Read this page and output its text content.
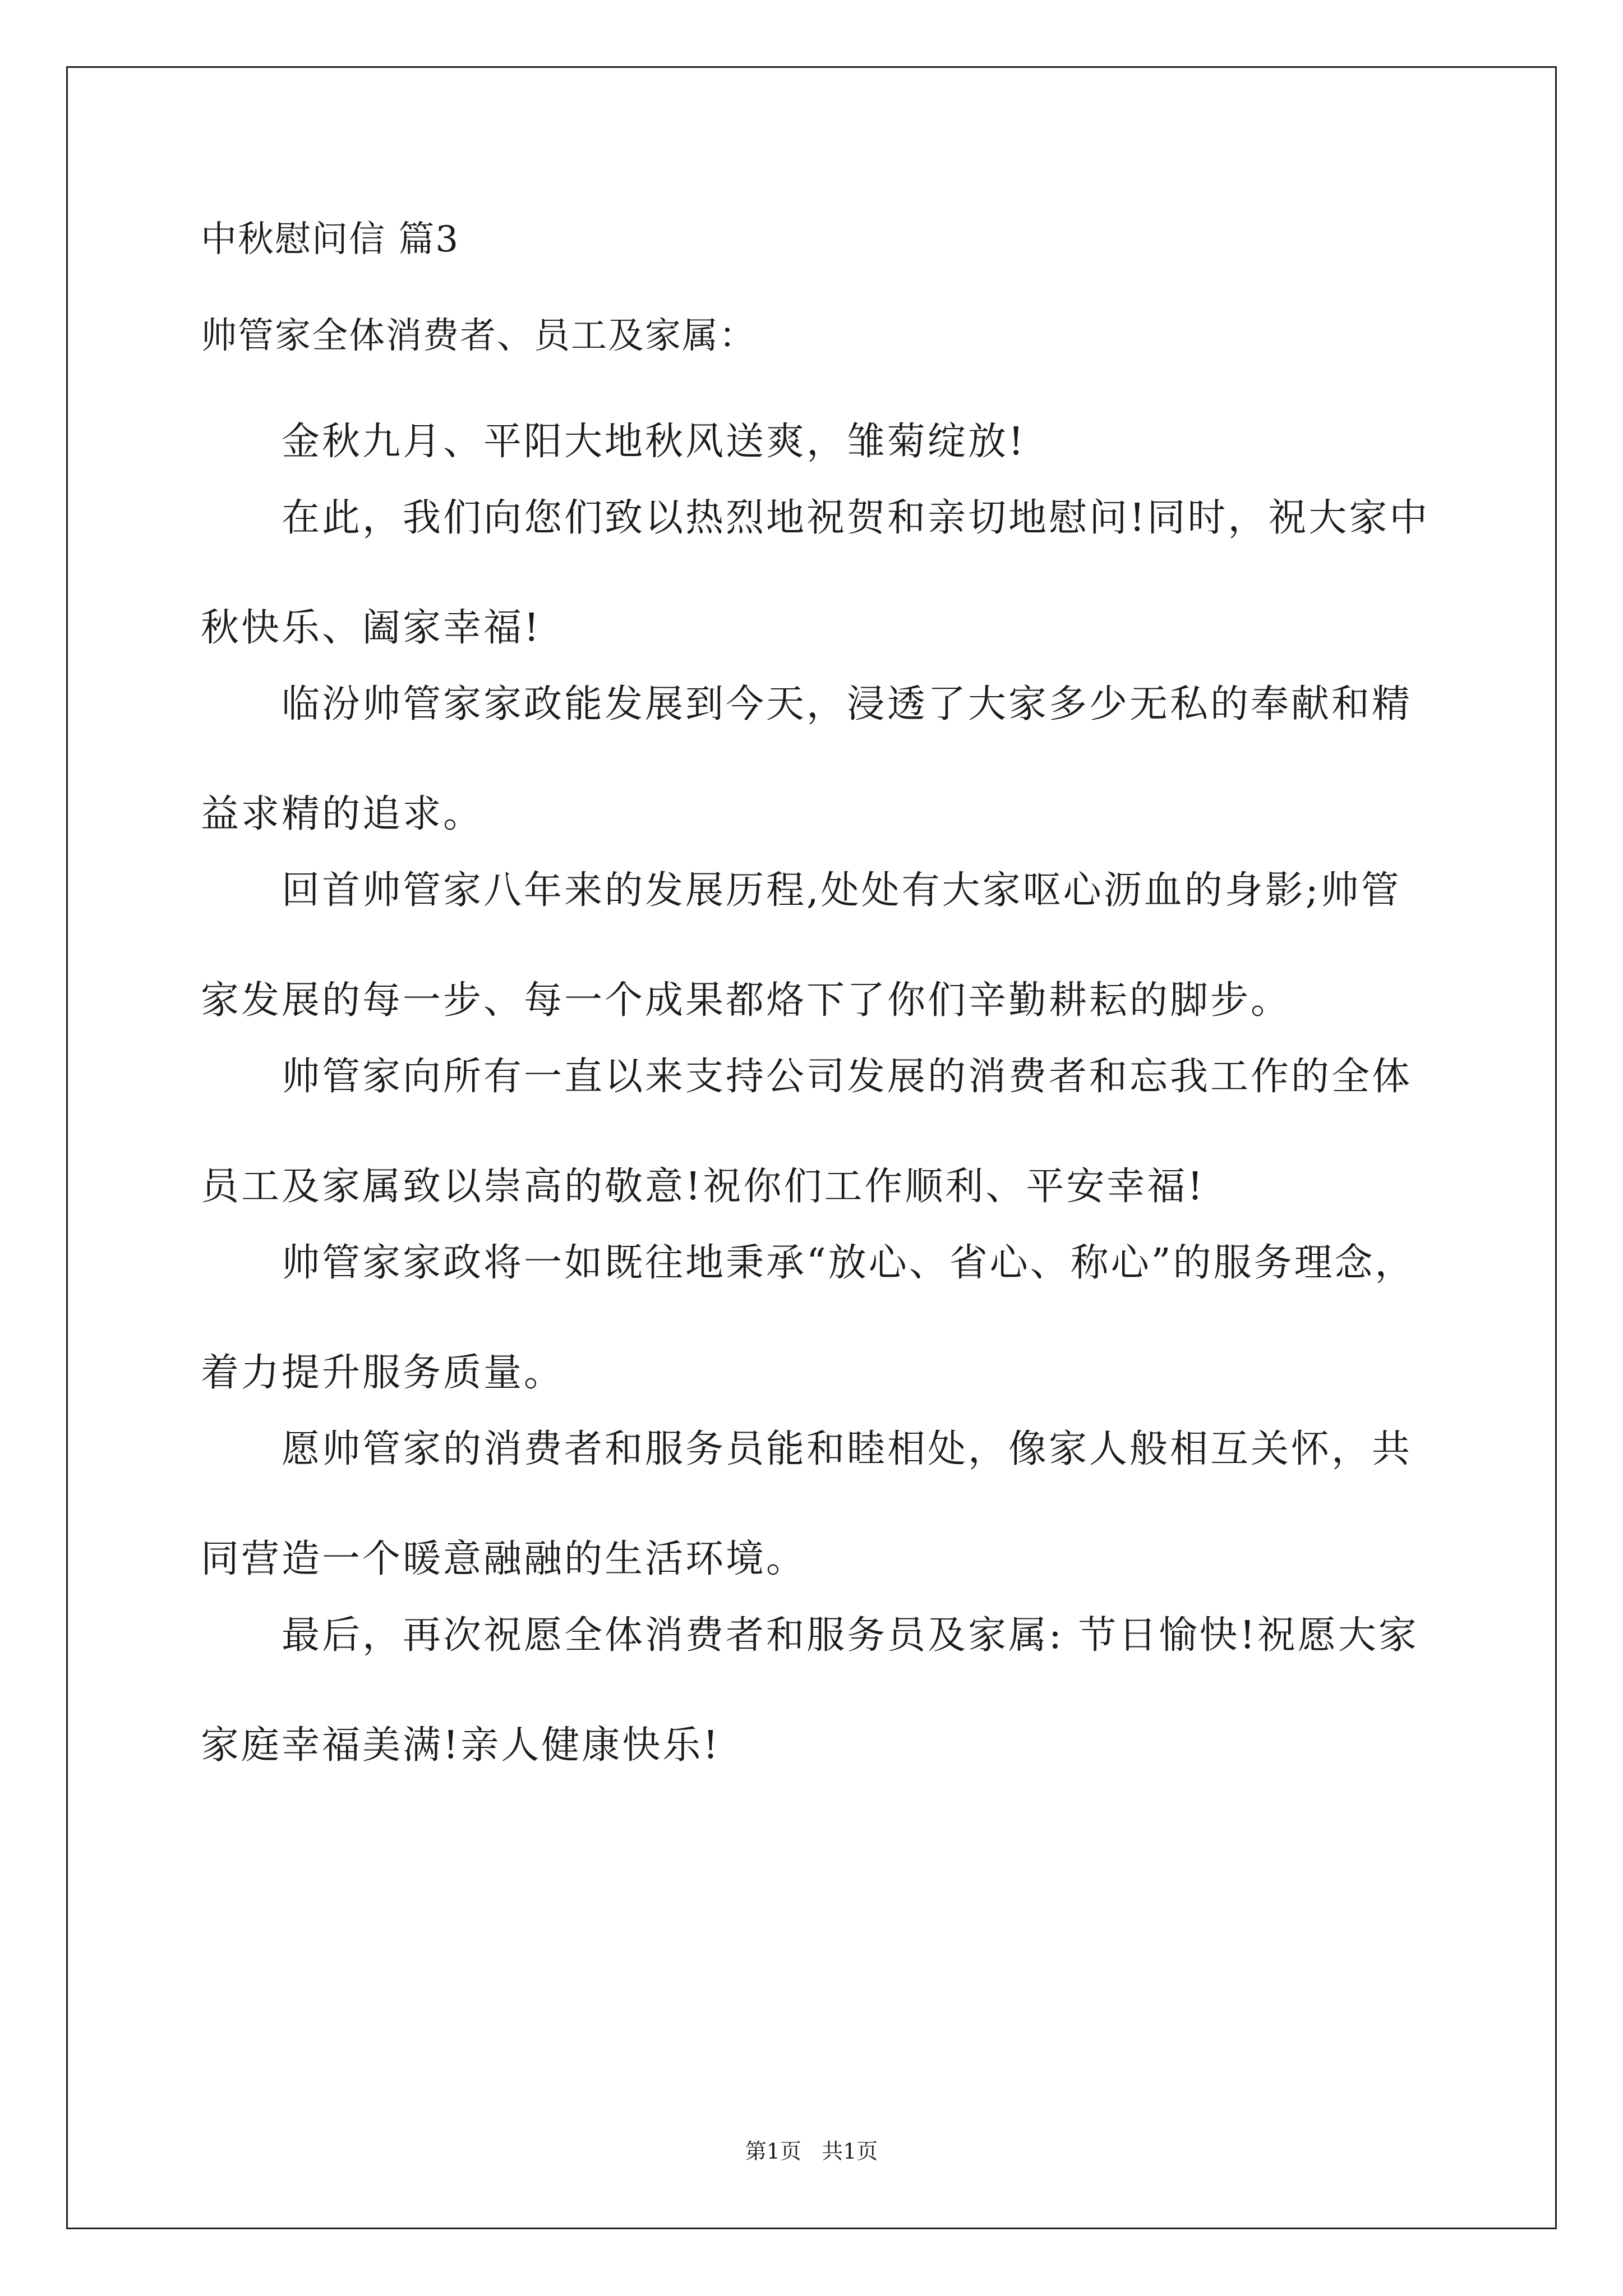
中秋慰问信 篇3
帅管家全体消费者、员工及家属：
金秋九月、平阳大地秋风送爽，雏菊绽放!
在此，我们向您们致以热烈地祝贺和亲切地慰问!同时，祝大家中秋快乐、阖家幸福!
临汾帅管家家政能发展到今天，浸透了大家多少无私的奉献和精益求精的追求。
回首帅管家八年来的发展历程,处处有大家呕心沥血的身影;帅管家发展的每一步、每一个成果都烙下了你们辛勤耕耘的脚步。
帅管家向所有一直以来支持公司发展的消费者和忘我工作的全体员工及家属致以崇高的敬意!祝你们工作顺利、平安幸福!
帅管家家政将一如既往地秉承“放心、省心、称心”的服务理念，着力提升服务质量。
愿帅管家的消费者和服务员能和睦相处，像家人般相互关怀，共同营造一个暖意融融的生活环境。
最后，再次祝愿全体消费者和服务员及家属: 节日愉快!祝愿大家家庭幸福美满!亲人健康快乐!
第1页   共1页
